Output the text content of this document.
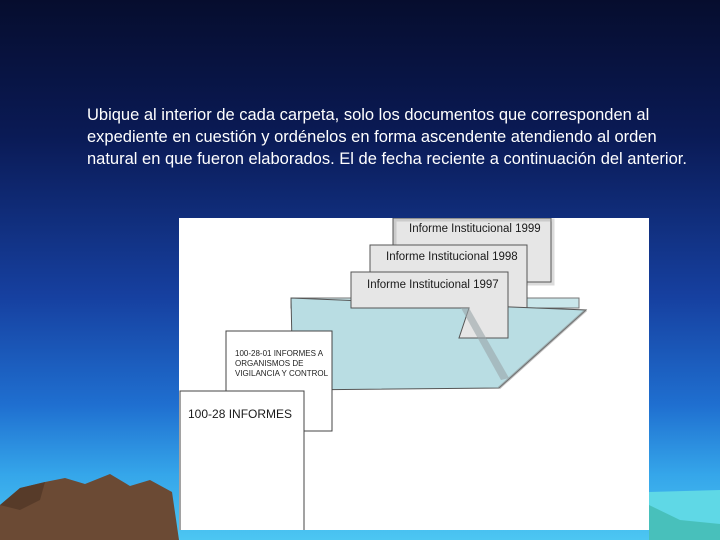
Ubique al interior de cada carpeta, solo los documentos que corresponden al expediente en cuestión y ordénelos en forma ascendente atendiendo al orden natural en que fueron elaborados. El de fecha reciente a continuación del anterior.

Informe Institucional 1999
Informe Institucional 1998
Informe Institucional 1997
100-28-01 INFORMES A
ORGANISMOS DE
VIGILANCIA Y CONTROL
100-28 INFORMES
